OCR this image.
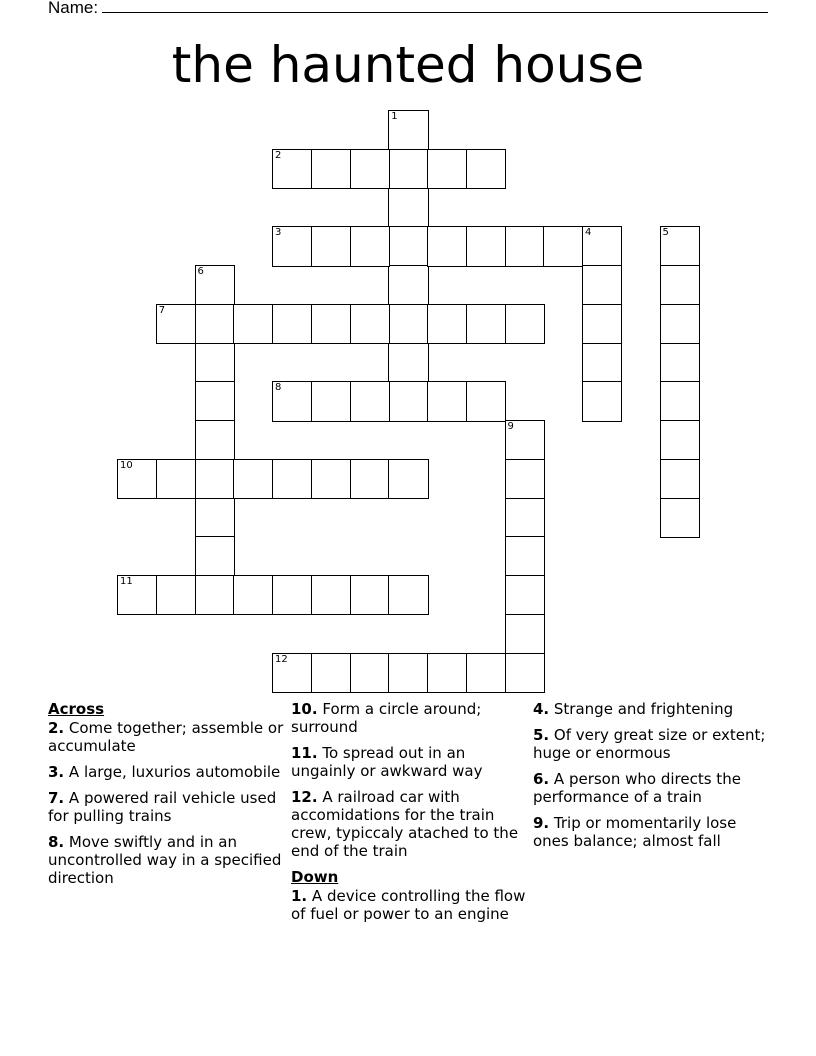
Name:
the haunted house
1
2
3	4	5
6
7
8
9
10
11
12
Across
2. Come together; assemble or accumulate
3. A large, luxurios automobile
7. A powered rail vehicle used for pulling trains
8. Move swiftly and in an uncontrolled way in a specified direction
10. Form a circle around; surround
11. To spread out in an ungainly or awkward way
12. A railroad car with accomidations for the train crew, typiccaly atached to the end of the train
Down
1. A device controlling the flow of fuel or power to an engine
4. Strange and frightening
5. Of very great size or extent; huge or enormous
6. A person who directs the performance of a train
9. Trip or momentarily lose ones balance; almost fall
